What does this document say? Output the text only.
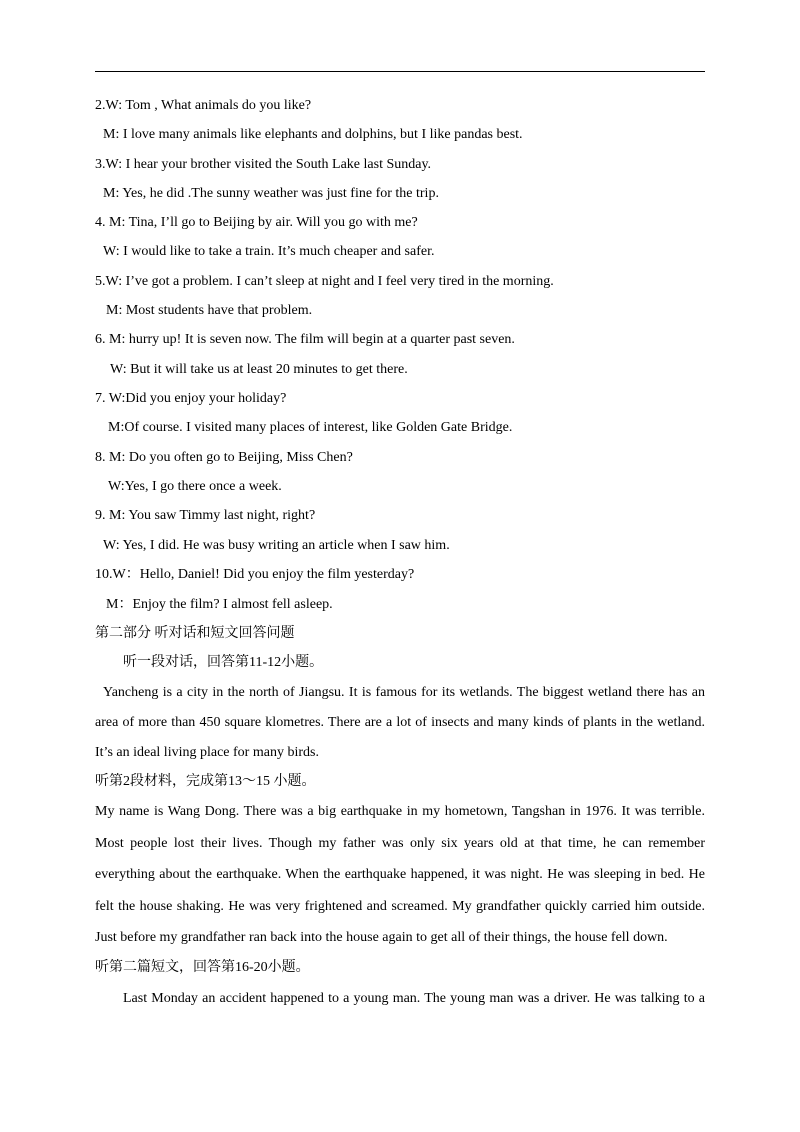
2.W: Tom , What animals do you like?
M: I love many animals like elephants and dolphins, but I like pandas best.
3.W: I hear your brother visited the South Lake last Sunday.
M: Yes, he did .The sunny weather was just fine for the trip.
4. M: Tina, I’ll go to Beijing by air. Will you go with me?
W: I would like to take a train. It’s much cheaper and safer.
5.W: I’ve got a problem. I can’t sleep at night and I feel very tired in the morning.
M: Most students have that problem.
6. M: hurry up! It is seven now. The film will begin at a quarter past seven.
W: But it will take us at least 20 minutes to get there.
7. W:Did you enjoy your holiday?
M:Of course. I visited many places of interest, like Golden Gate Bridge.
8. M: Do you often go to Beijing, Miss Chen?
W:Yes, I go there once a week.
9. M: You saw Timmy last night, right?
W: Yes, I did. He was busy writing an article when I saw him.
10.W：Hello, Daniel! Did you enjoy the film yesterday?
M：Enjoy the film? I almost fell asleep.
第二部分 听对话和短文回答问题
听一段对话，回答第11-12小题。
Yancheng is a city in the north of Jiangsu. It is famous for its wetlands. The biggest wetland there has an
area of more than 450 square klometres. There are a lot of insects and many kinds of plants in the wetland.
It’s an ideal living place for many birds.
听第2段材料，完成第13～15 小题。
My name is Wang Dong. There was a big earthquake in my hometown, Tangshan in 1976. It was terrible.
Most people lost their lives. Though my father was only six years old at that time, he can remember
everything about the earthquake. When the earthquake happened, it was night. He was sleeping in bed. He
felt the house shaking. He was very frightened and screamed. My grandfather quickly carried him outside.
Just before my grandfather ran back into the house again to get all of their things, the house fell down.
听第二篇短文，回答第16-20小题。
Last Monday an accident happened to a young man. The young man was a driver. He was talking to a
